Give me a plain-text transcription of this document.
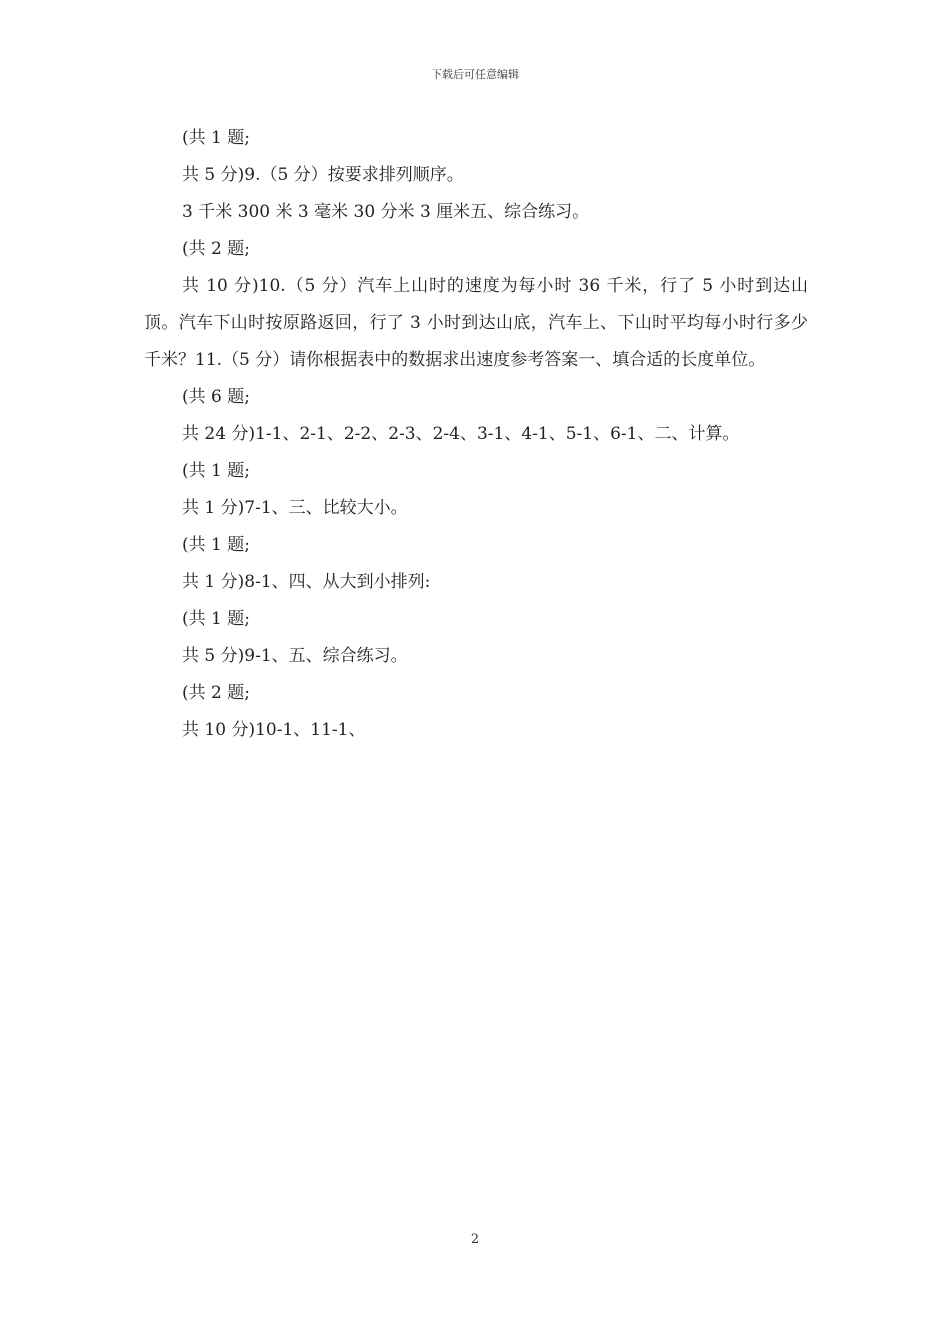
下载后可任意编辑

(共 1 题;

共 5 分)9.（5 分）按要求排列顺序。

3 千米 300 米 3 毫米 30 分米 3 厘米五、综合练习。

(共 2 题;

共 10 分)10.（5 分）汽车上山时的速度为每小时 36 千米，行了 5 小时到达山顶。汽车下山时按原路返回，行了 3 小时到达山底，汽车上、下山时平均每小时行多少千米？11.（5 分）请你根据表中的数据求出速度参考答案一、填合适的长度单位。

(共 6 题;

共 24 分)1-1、2-1、2-2、2-3、2-4、3-1、4-1、5-1、6-1、二、计算。

(共 1 题;

共 1 分)7-1、三、比较大小。

(共 1 题;

共 1 分)8-1、四、从大到小排列:

(共 1 题;

共 5 分)9-1、五、综合练习。

(共 2 题;

共 10 分)10-1、11-1、

2
